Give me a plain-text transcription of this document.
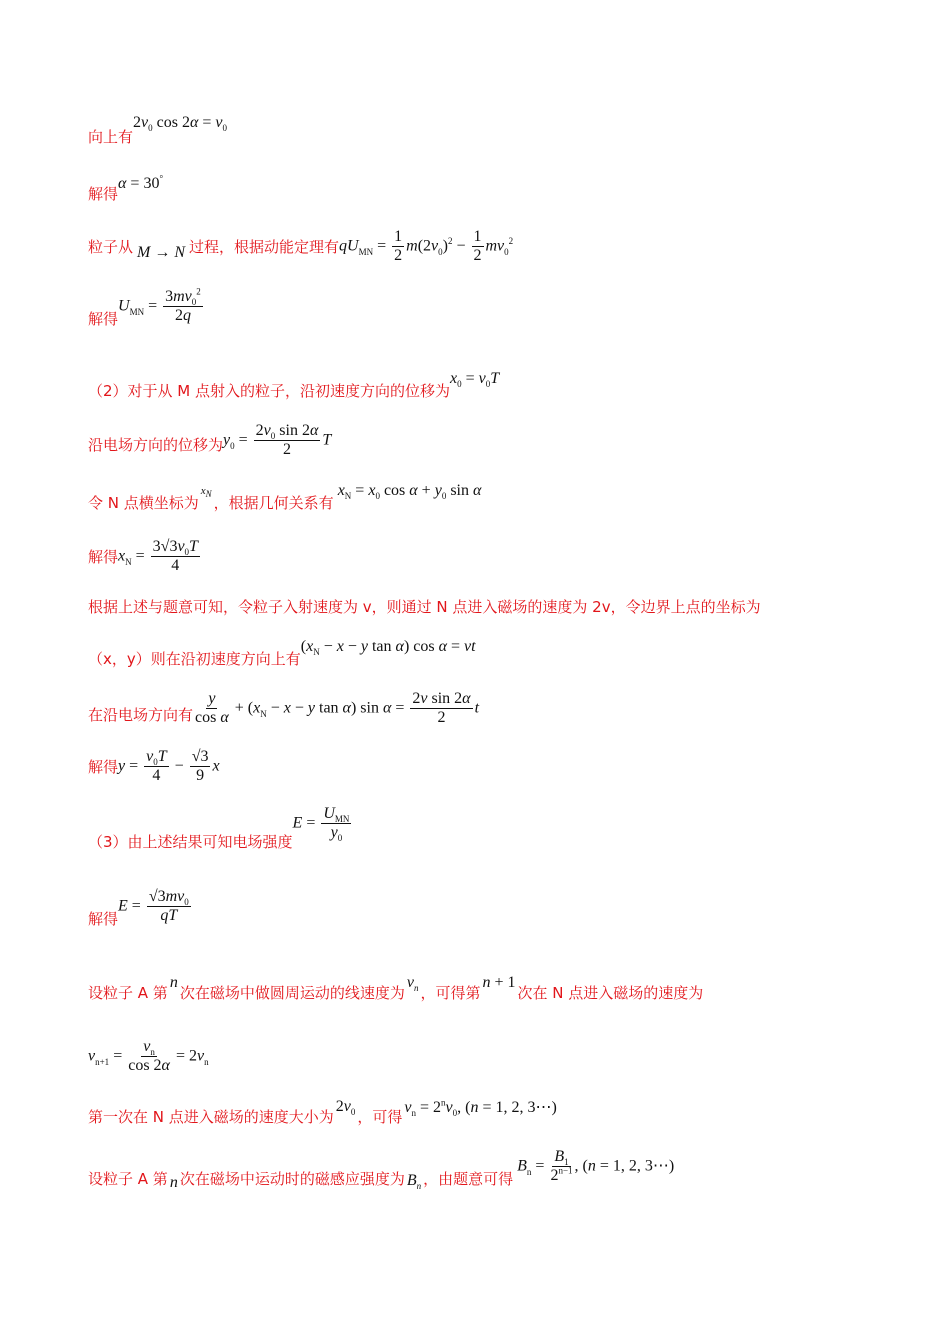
向上有
$2v_0$ $\cos 2\alpha = v_0$
解得
α = 30°
粒子从 M → N 过程，根据动能定理有 $qU_{MN} = \frac{1}{2} m(2v_0)^2 - \frac{1}{2} mv_0^2$
解得
$U_{MN} = \frac{3mv_0^2}{2q}$
（2）对于从 M 点射入的粒子，沿初速度方向的位移为
$x_0 = v_0T$
沿电场方向的位移为 $y_0 = \frac{2v_0 \sin 2\alpha}{2}$ T
令 N 点横坐标为
$x_N$
，根据几何关系有
$x_N = x_0$ $\cos \alpha + y_0$ sin α
解得 $x_N = \frac{3√3v_0T}{4}$
根据上述与题意可知，令粒子入射速度为 v，则通过 N 点进入磁场的速度为 2v，令边界上点的坐标为
（x，y）则在沿初速度方向上有
($x_N - x - y$ tan α) cos α = vt
在沿电场方向有 $\frac{y}{\text{cos α}} + (x_N - x - y$ tan α) $\sin \alpha = \frac{\text{2v sin 2α}}{2}$ t
解得 $y = \frac{v_0T}{4} - \frac{√3}{9}$ x
（3）由上述结果可知电场强度
$E = \frac{U_{MN}}{y_0}$
解得
$E = \frac{√3mv_0}{qT}$
设粒子 A 第
n
次在磁场中做圆周运动的线速度为
$v_n$ ，可得第
n + 1
次在 N 点进入磁场的速度为
$v_{n+1} = \frac{v_n}{\cos 2\alpha} = 2v_n$
第一次在 N 点进入磁场的速度大小为
$2v_0$ ，可得
$v_n = 2^nv_0$, (n = 1, 2, 3⋯)
设粒子 A 第 n 次在磁场中运动时的磁感应强度为 $B_n$ ，由题意可得
$B_n = \frac{B_1}{2^{n-1}}$ , (n = 1, 2, 3⋯)
